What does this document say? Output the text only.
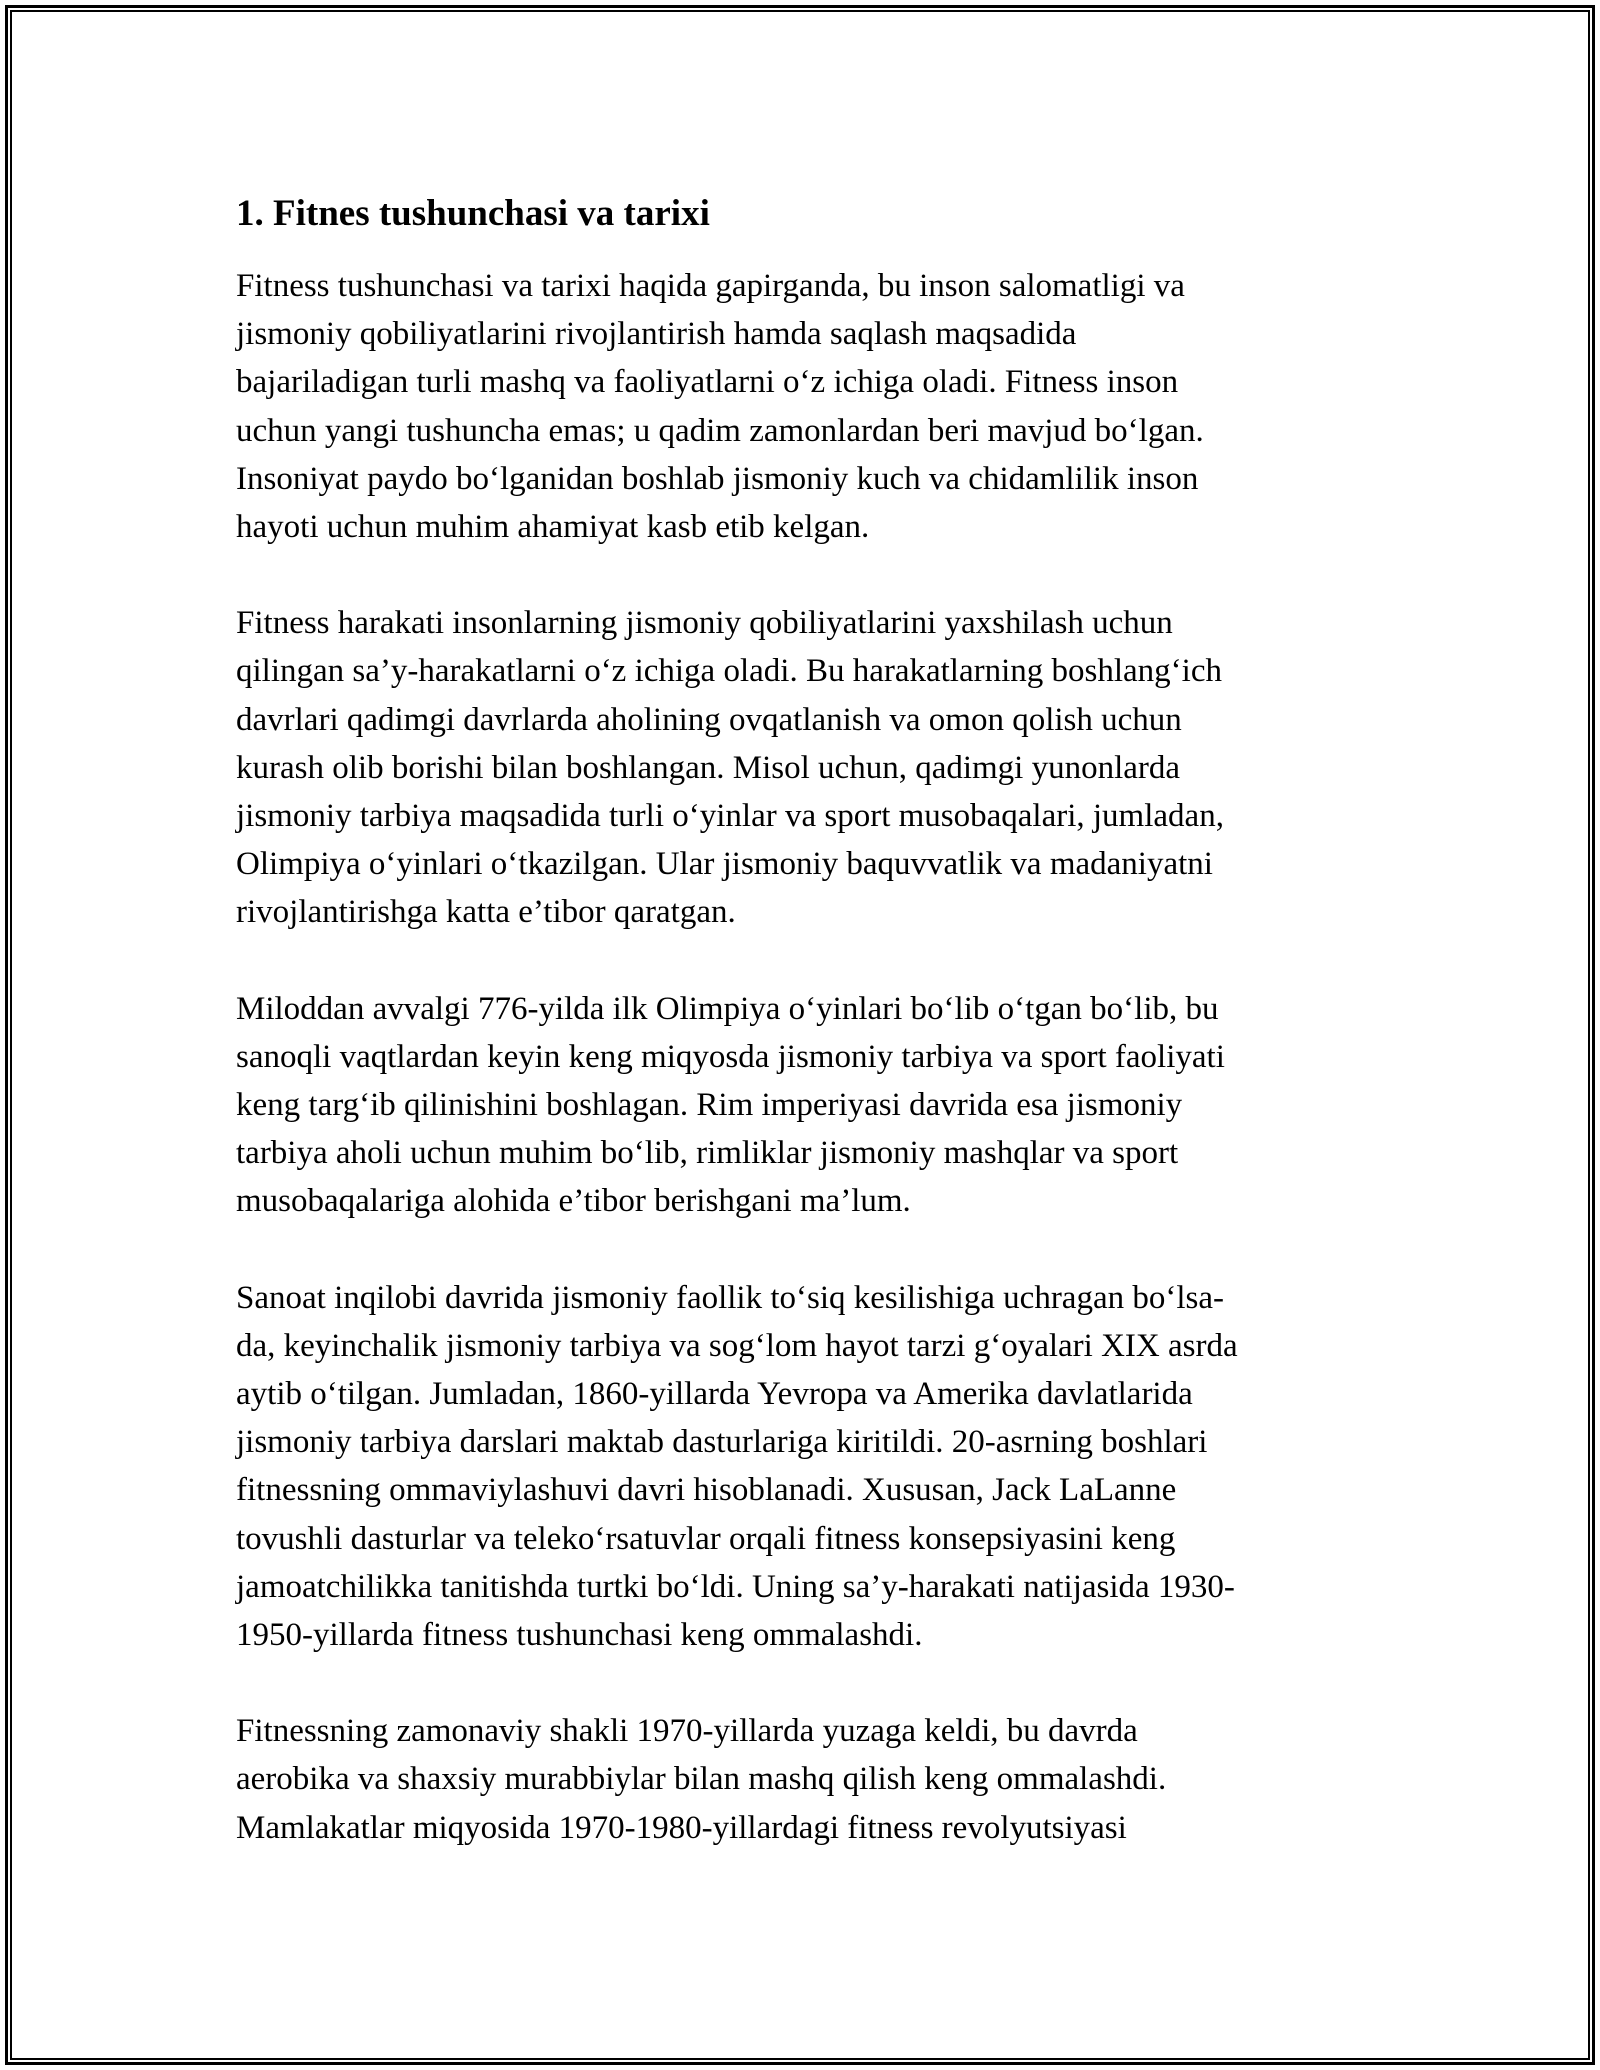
1. Fitnes tushunchasi va tarixi

Fitness tushunchasi va tarixi haqida gapirganda, bu inson salomatligi va
jismoniy qobiliyatlarini rivojlantirish hamda saqlash maqsadida
bajariladigan turli mashq va faoliyatlarni o‘z ichiga oladi. Fitness inson
uchun yangi tushuncha emas; u qadim zamonlardan beri mavjud bo‘lgan.
Insoniyat paydo bo‘lganidan boshlab jismoniy kuch va chidamlilik inson
hayoti uchun muhim ahamiyat kasb etib kelgan.

Fitness harakati insonlarning jismoniy qobiliyatlarini yaxshilash uchun
qilingan sa’y-harakatlarni o‘z ichiga oladi. Bu harakatlarning boshlang‘ich
davrlari qadimgi davrlarda aholining ovqatlanish va omon qolish uchun
kurash olib borishi bilan boshlangan. Misol uchun, qadimgi yunonlarda
jismoniy tarbiya maqsadida turli o‘yinlar va sport musobaqalari, jumladan,
Olimpiya o‘yinlari o‘tkazilgan. Ular jismoniy baquvvatlik va madaniyatni
rivojlantirishga katta e’tibor qaratgan.

Miloddan avvalgi 776-yilda ilk Olimpiya o‘yinlari bo‘lib o‘tgan bo‘lib, bu
sanoqli vaqtlardan keyin keng miqyosda jismoniy tarbiya va sport faoliyati
keng targ‘ib qilinishini boshlagan. Rim imperiyasi davrida esa jismoniy
tarbiya aholi uchun muhim bo‘lib, rimliklar jismoniy mashqlar va sport
musobaqalariga alohida e’tibor berishgani ma’lum.

Sanoat inqilobi davrida jismoniy faollik to‘siq kesilishiga uchragan bo‘lsa-
da, keyinchalik jismoniy tarbiya va sog‘lom hayot tarzi g‘oyalari XIX asrda
aytib o‘tilgan. Jumladan, 1860-yillarda Yevropa va Amerika davlatlarida
jismoniy tarbiya darslari maktab dasturlariga kiritildi. 20-asrning boshlari
fitnessning ommaviylashuvi davri hisoblanadi. Xususan, Jack LaLanne
tovushli dasturlar va teleko‘rsatuvlar orqali fitness konsepsiyasini keng
jamoatchilikka tanitishda turtki bo‘ldi. Uning sa’y-harakati natijasida 1930-
1950-yillarda fitness tushunchasi keng ommalashdi.

Fitnessning zamonaviy shakli 1970-yillarda yuzaga keldi, bu davrda
aerobika va shaxsiy murabbiylar bilan mashq qilish keng ommalashdi.
Mamlakatlar miqyosida 1970-1980-yillardagi fitness revolyutsiyasi
